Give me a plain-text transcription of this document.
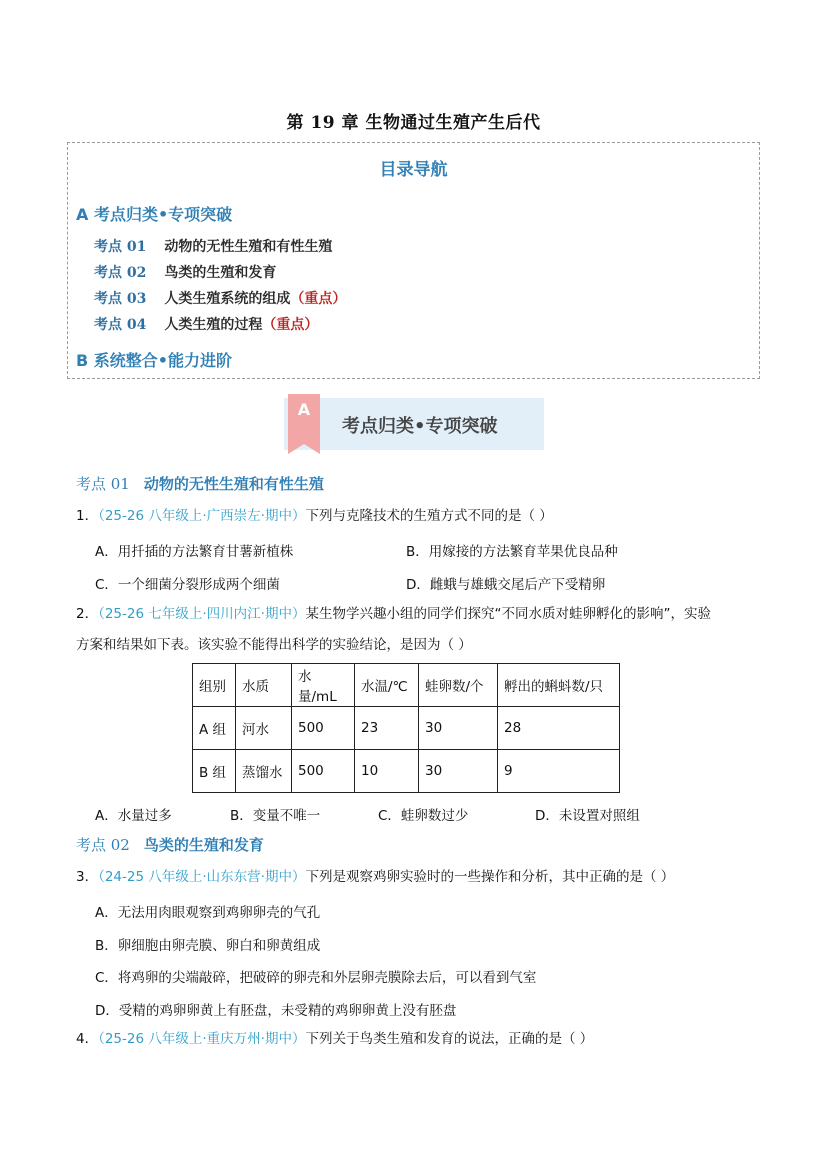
第 19 章 生物通过生殖产生后代
目录导航
A 考点归类•专项突破
考点 01 动物的无性生殖和有性生殖
考点 02 鸟类的生殖和发育
考点 03 人类生殖系统的组成（重点）
考点 04 人类生殖的过程（重点）
B 系统整合•能力进阶
A
考点归类•专项突破
考点 01 动物的无性生殖和有性生殖
1．（25-26 八年级上·广西崇左·期中）下列与克隆技术的生殖方式不同的是（ ）
A．用扦插的方法繁育甘薯新植株	B．用嫁接的方法繁育苹果优良品种
C．一个细菌分裂形成两个细菌	D．雌蛾与雄蛾交尾后产下受精卵
2．（25-26 七年级上·四川内江·期中）某生物学兴趣小组的同学们探究“不同水质对蛙卵孵化的影响”，实验
方案和结果如下表。该实验不能得出科学的实验结论，是因为（ ）
组别	水质	水量/mL	水温/℃	蛙卵数/个	孵出的蝌蚪数/只
A 组	河水	500	23	30	28
B 组	蒸馏水	500	10	30	9
A．水量过多	B．变量不唯一	C．蛙卵数过少	D．未设置对照组
考点 02 鸟类的生殖和发育
3．（24-25 八年级上·山东东营·期中）下列是观察鸡卵实验时的一些操作和分析，其中正确的是（ ）
A．无法用肉眼观察到鸡卵卵壳的气孔
B．卵细胞由卵壳膜、卵白和卵黄组成
C．将鸡卵的尖端敲碎，把破碎的卵壳和外层卵壳膜除去后，可以看到气室
D．受精的鸡卵卵黄上有胚盘，未受精的鸡卵卵黄上没有胚盘
4．（25-26 八年级上·重庆万州·期中）下列关于鸟类生殖和发育的说法，正确的是（ ）
